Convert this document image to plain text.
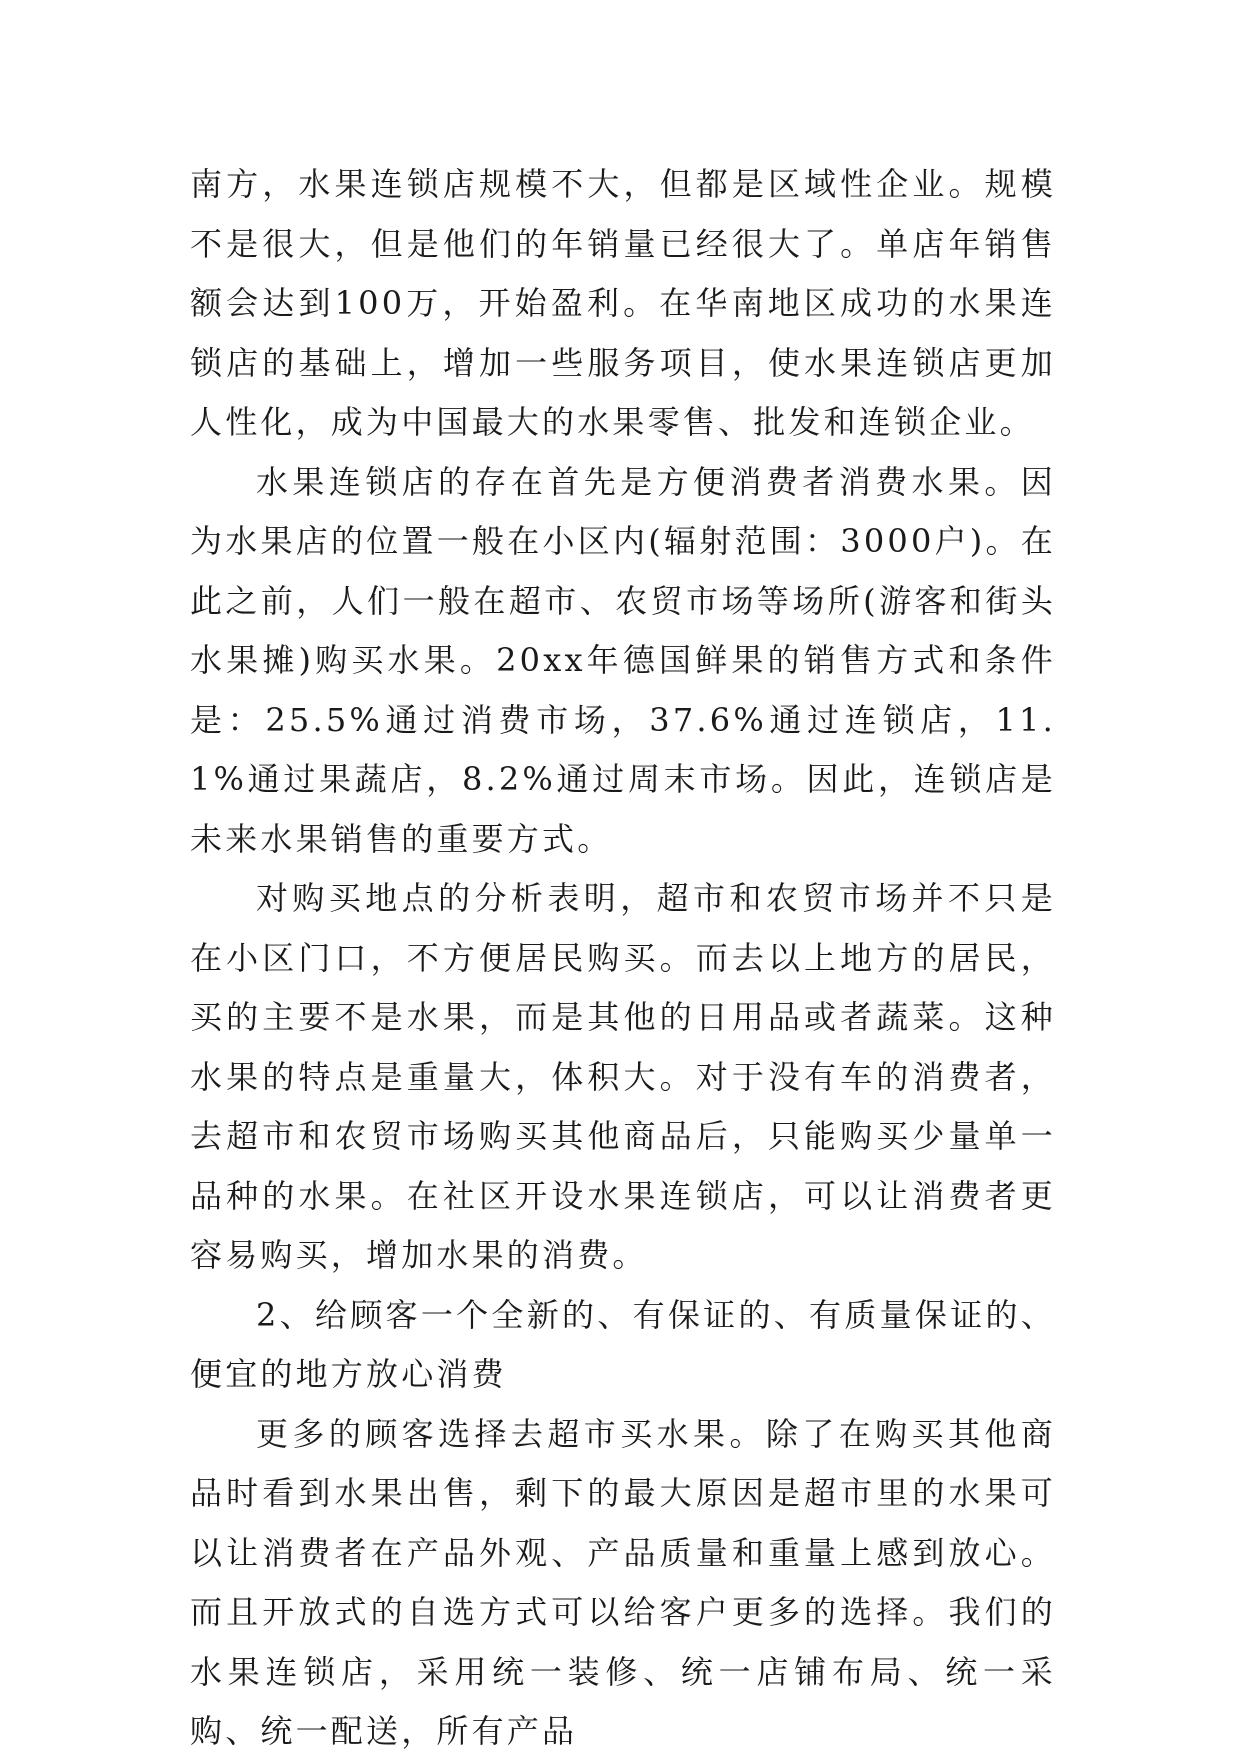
南方，水果连锁店规模不大，但都是区域性企业。规模不是很大，但是他们的年销量已经很大了。单店年销售额会达到100万，开始盈利。在华南地区成功的水果连锁店的基础上，增加一些服务项目，使水果连锁店更加人性化，成为中国最大的水果零售、批发和连锁企业。

水果连锁店的存在首先是方便消费者消费水果。因为水果店的位置一般在小区内(辐射范围：3000户)。在此之前，人们一般在超市、农贸市场等场所(游客和街头水果摊)购买水果。20xx年德国鲜果的销售方式和条件是：25.5%通过消费市场，37.6%通过连锁店，11.1%通过果蔬店，8.2%通过周末市场。因此，连锁店是未来水果销售的重要方式。

对购买地点的分析表明，超市和农贸市场并不只是在小区门口，不方便居民购买。而去以上地方的居民，买的主要不是水果，而是其他的日用品或者蔬菜。这种水果的特点是重量大，体积大。对于没有车的消费者，去超市和农贸市场购买其他商品后，只能购买少量单一品种的水果。在社区开设水果连锁店，可以让消费者更容易购买，增加水果的消费。

2、给顾客一个全新的、有保证的、有质量保证的、便宜的地方放心消费

更多的顾客选择去超市买水果。除了在购买其他商品时看到水果出售，剩下的最大原因是超市里的水果可以让消费者在产品外观、产品质量和重量上感到放心。而且开放式的自选方式可以给客户更多的选择。我们的水果连锁店，采用统一装修、统一店铺布局、统一采购、统一配送，所有产品
